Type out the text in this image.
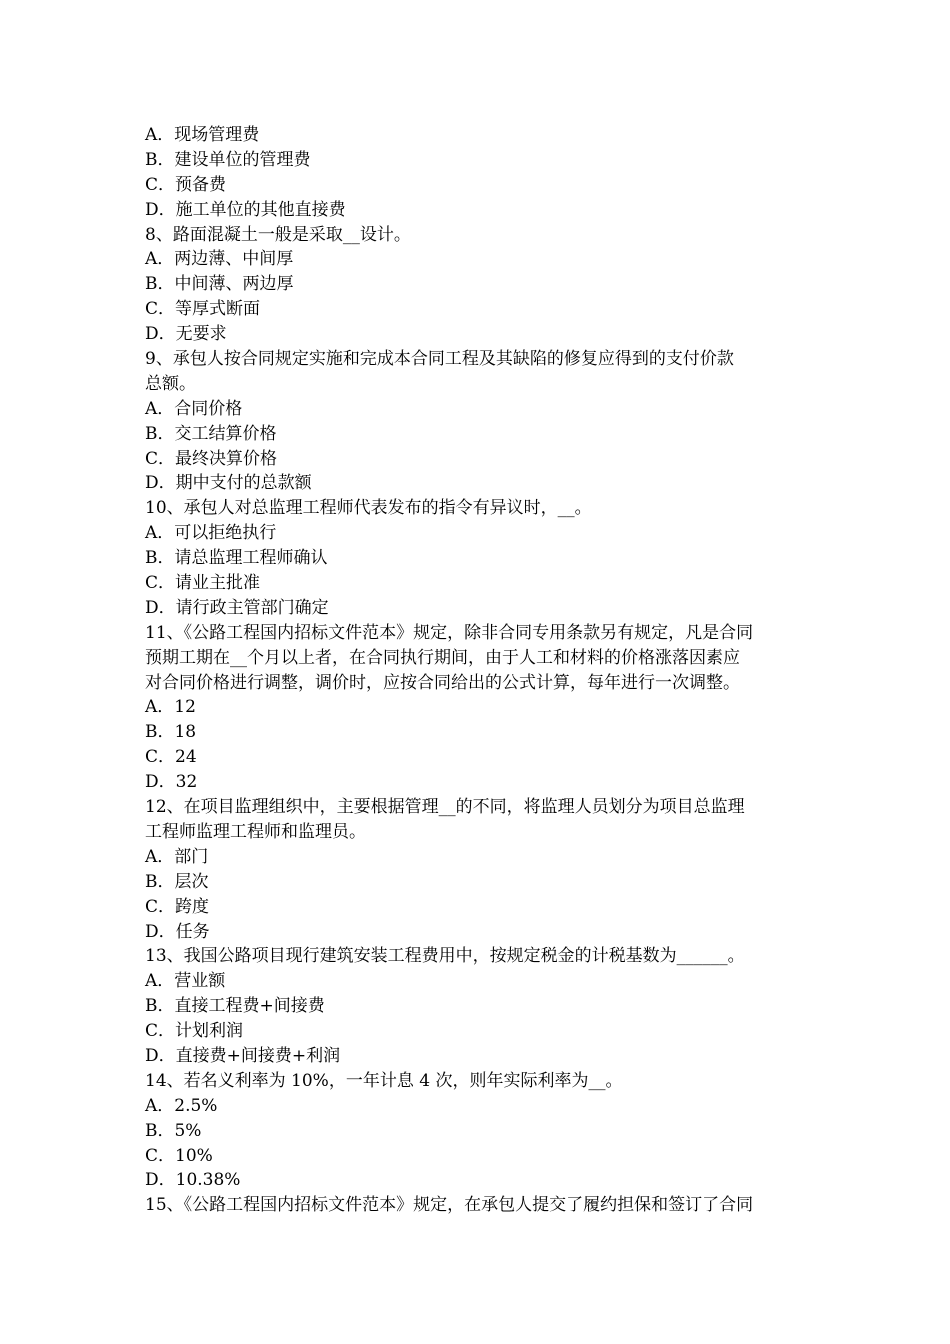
A．现场管理费
B．建设单位的管理费
C．预备费
D．施工单位的其他直接费
8、路面混凝土一般是采取__设计。
A．两边薄、中间厚
B．中间薄、两边厚
C．等厚式断面
D．无要求
9、承包人按合同规定实施和完成本合同工程及其缺陷的修复应得到的支付价款
总额。
A．合同价格
B．交工结算价格
C．最终决算价格
D．期中支付的总款额
10、承包人对总监理工程师代表发布的指令有异议时，__。
A．可以拒绝执行
B．请总监理工程师确认
C．请业主批准
D．请行政主管部门确定
11、《公路工程国内招标文件范本》规定，除非合同专用条款另有规定，凡是合同
预期工期在__个月以上者，在合同执行期间，由于人工和材料的价格涨落因素应
对合同价格进行调整，调价时，应按合同给出的公式计算，每年进行一次调整。
A．12
B．18
C．24
D．32
12、在项目监理组织中，主要根据管理__的不同，将监理人员划分为项目总监理
工程师监理工程师和监理员。
A．部门
B．层次
C．跨度
D．任务
13、我国公路项目现行建筑安装工程费用中，按规定税金的计税基数为______。
A．营业额
B．直接工程费+间接费
C．计划利润
D．直接费+间接费+利润
14、若名义利率为 10%，一年计息 4 次，则年实际利率为__。
A．2.5%
B．5%
C．10%
D．10.38%
15、《公路工程国内招标文件范本》规定，在承包人提交了履约担保和签订了合同
